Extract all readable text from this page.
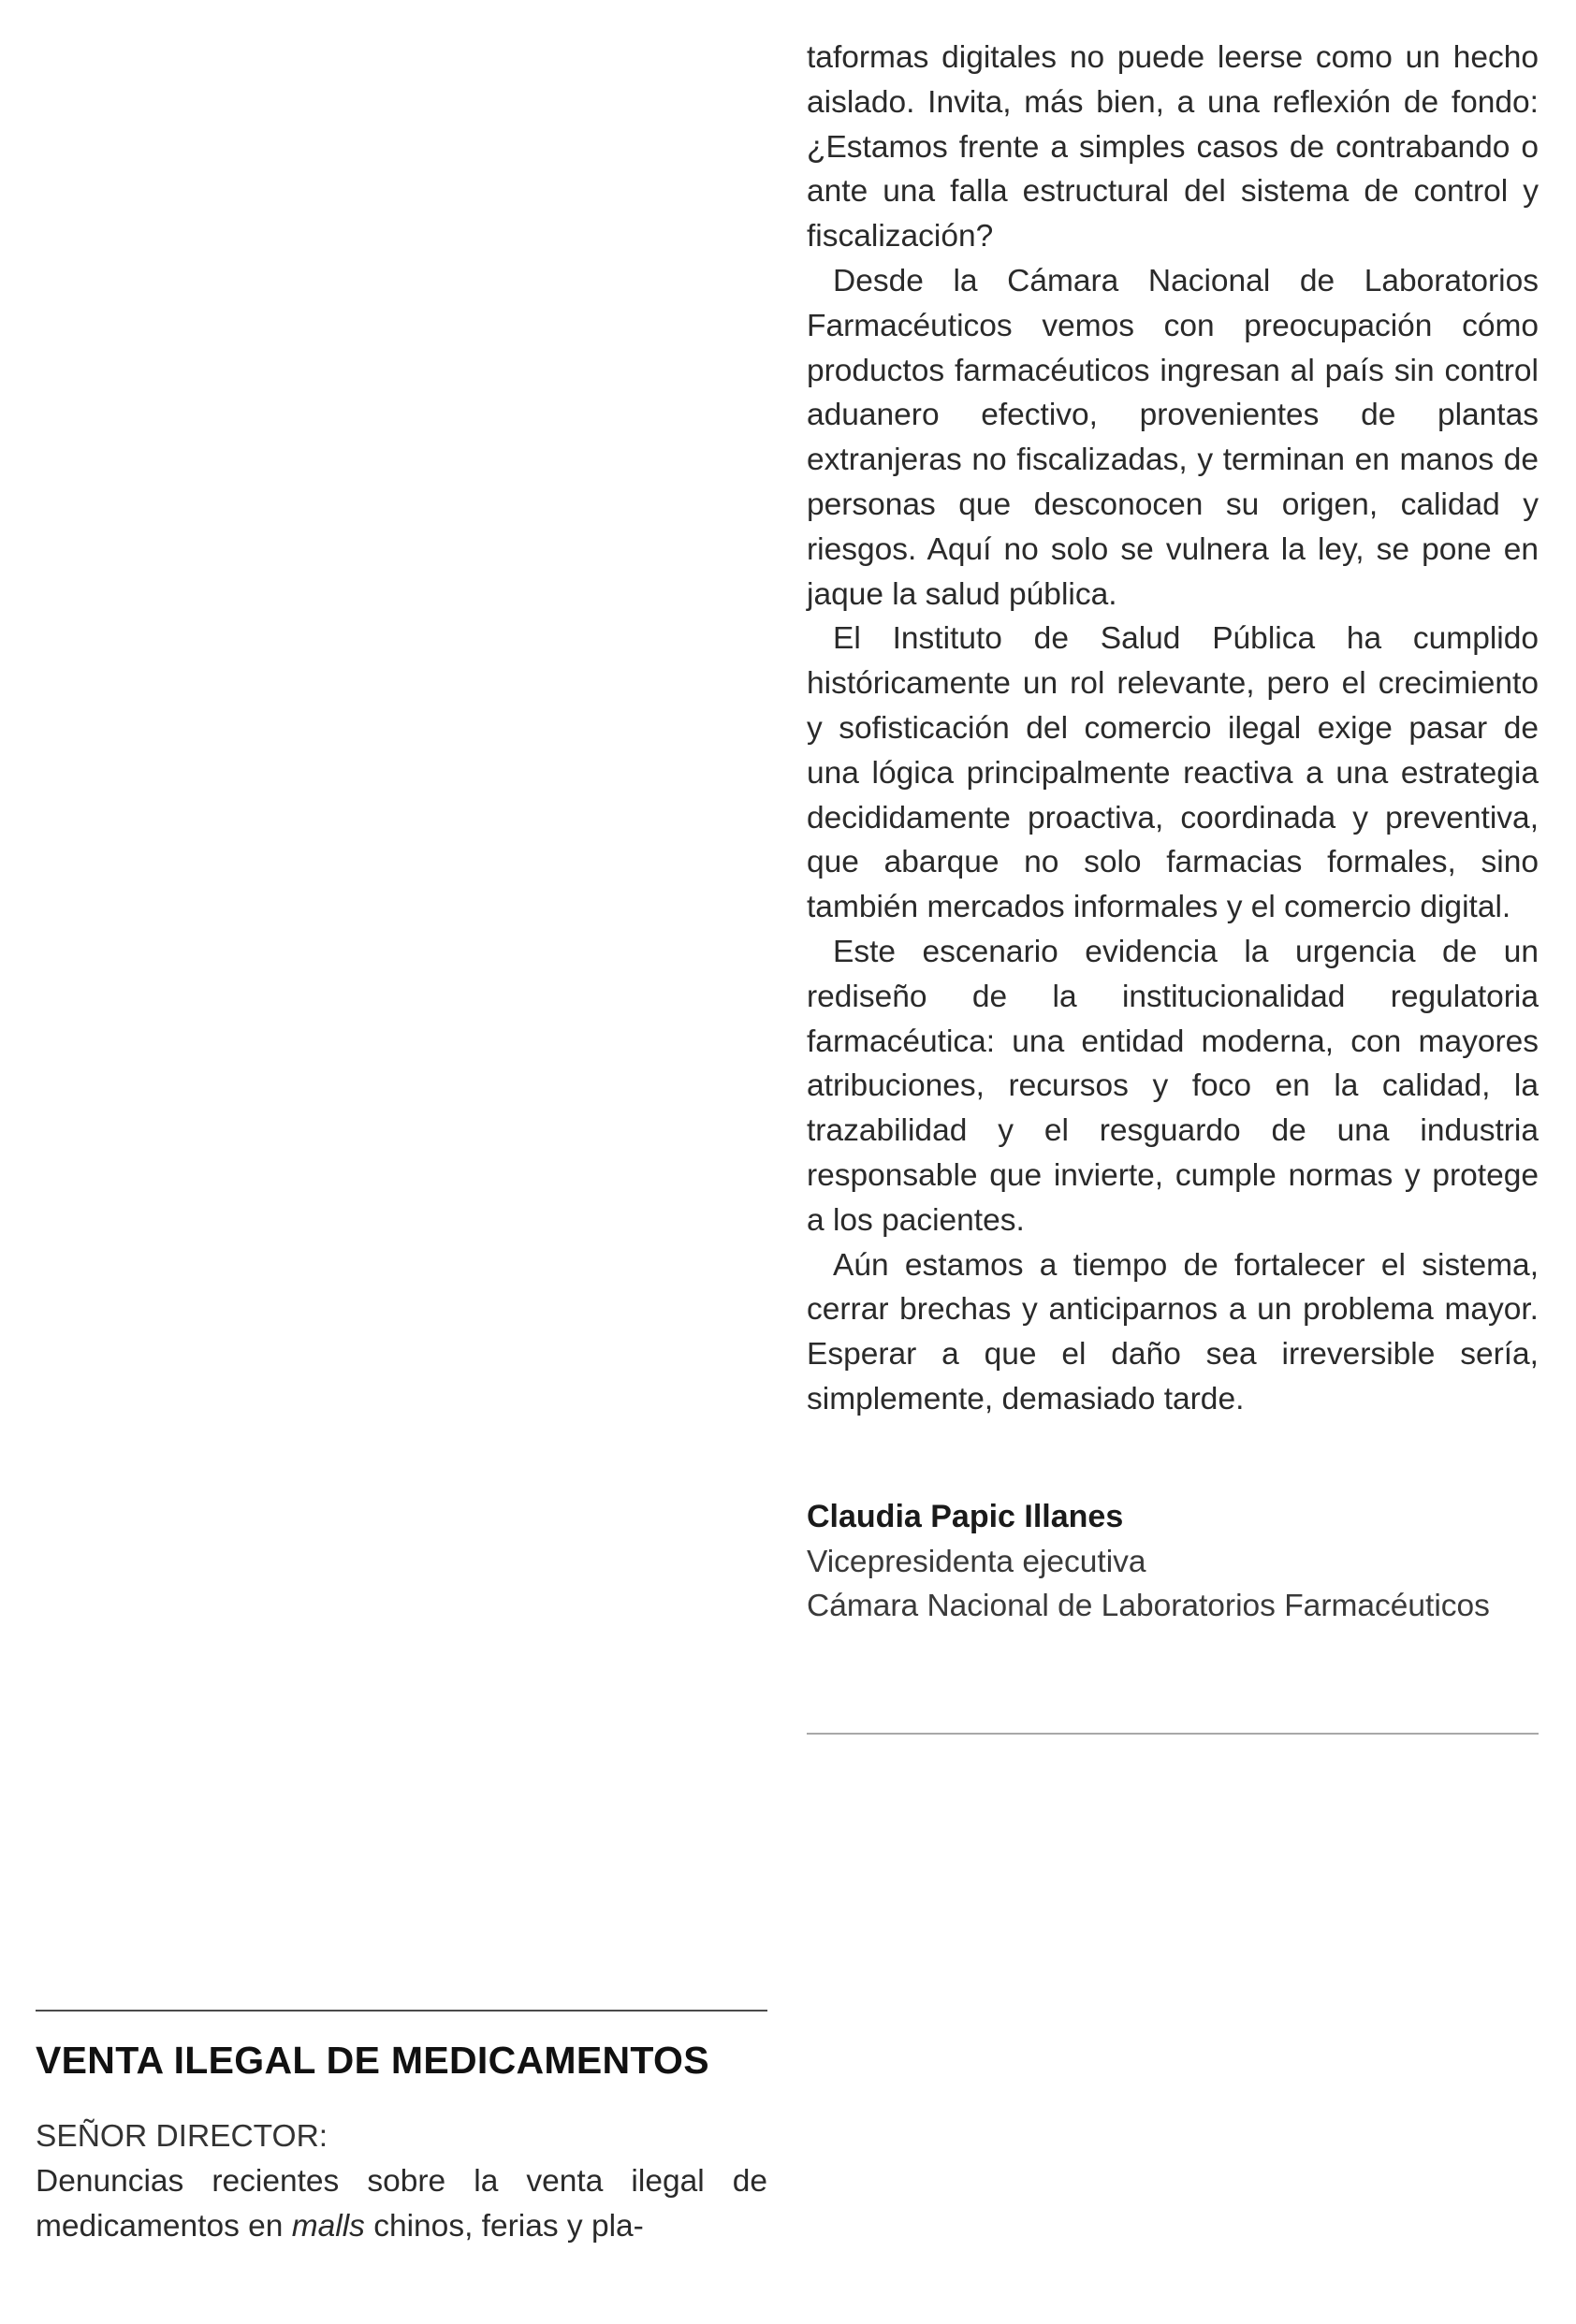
taformas digitales no puede leerse como un hecho aislado. Invita, más bien, a una reflexión de fondo: ¿Estamos frente a simples casos de contrabando o ante una falla estructural del sistema de control y fiscalización?

Desde la Cámara Nacional de Laboratorios Farmacéuticos vemos con preocupación cómo productos farmacéuticos ingresan al país sin control aduanero efectivo, provenientes de plantas extranjeras no fiscalizadas, y terminan en manos de personas que desconocen su origen, calidad y riesgos. Aquí no solo se vulnera la ley, se pone en jaque la salud pública.

El Instituto de Salud Pública ha cumplido históricamente un rol relevante, pero el crecimiento y sofisticación del comercio ilegal exige pasar de una lógica principalmente reactiva a una estrategia decididamente proactiva, coordinada y preventiva, que abarque no solo farmacias formales, sino también mercados informales y el comercio digital.

Este escenario evidencia la urgencia de un rediseño de la institucionalidad regulatoria farmacéutica: una entidad moderna, con mayores atribuciones, recursos y foco en la calidad, la trazabilidad y el resguardo de una industria responsable que invierte, cumple normas y protege a los pacientes.

Aún estamos a tiempo de fortalecer el sistema, cerrar brechas y anticiparnos a un problema mayor. Esperar a que el daño sea irreversible sería, simplemente, demasiado tarde.

Claudia Papic Illanes

Vicepresidenta ejecutiva

Cámara Nacional de Laboratorios Farmacéuticos

VENTA ILEGAL DE MEDICAMENTOS

SEÑOR DIRECTOR:

Denuncias recientes sobre la venta ilegal de medicamentos en malls chinos, ferias y pla-
